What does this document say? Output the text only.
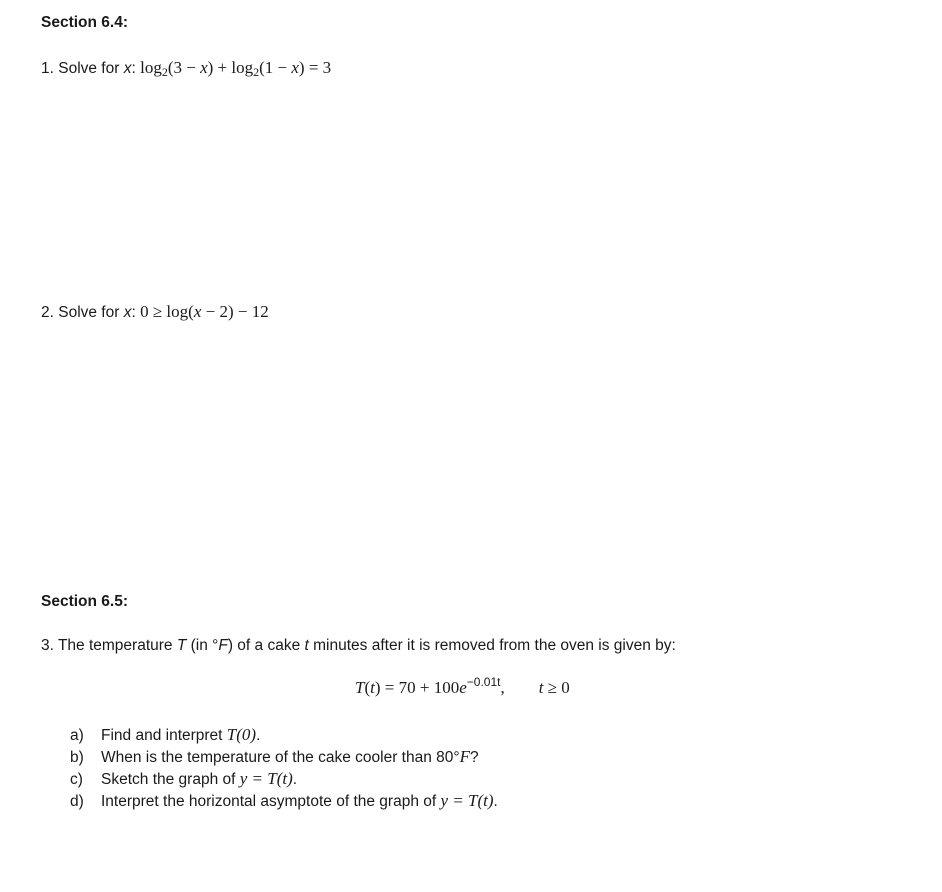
Section 6.4:
1. Solve for x: $\log_2(3 - x) + \log_2(1 - x) = 3$
2. Solve for x: 0 ≥ log(x − 2) − 12
Section 6.5:
3. The temperature T (in °F) of a cake t minutes after it is removed from the oven is given by:
$T(t) = 70 + 100e^{-0.01t}$, t ≥ 0
a) Find and interpret T(0).
b) When is the temperature of the cake cooler than 80°F?
c) Sketch the graph of y = T(t).
d) Interpret the horizontal asymptote of the graph of y = T(t).
